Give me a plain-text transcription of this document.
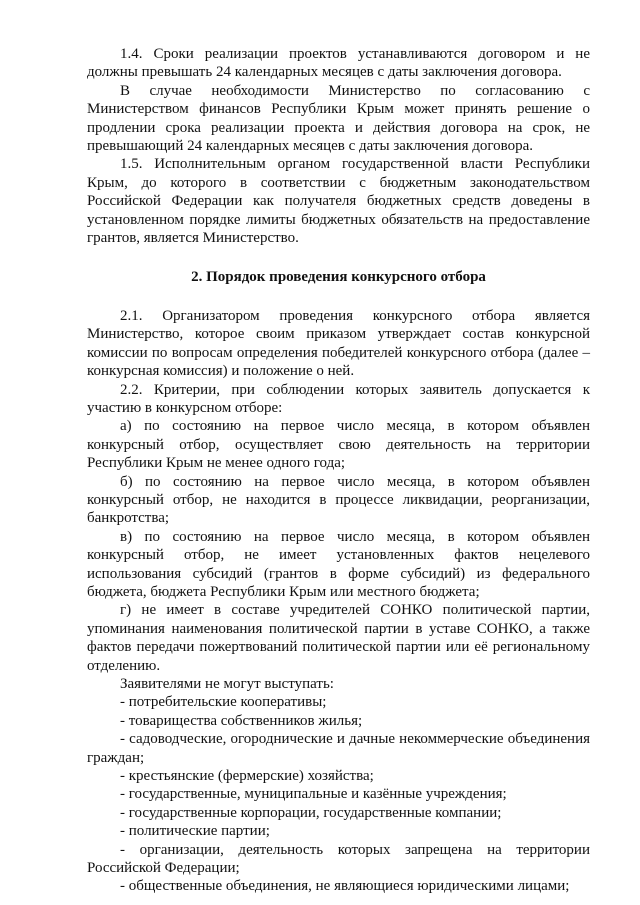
1.4. Сроки реализации проектов устанавливаются договором и не должны превышать 24 календарных месяцев с даты заключения договора.

В случае необходимости Министерство по согласованию с Министерством финансов Республики Крым может принять решение о продлении срока реализации проекта и действия договора на срок, не превышающий 24 календарных месяцев с даты заключения договора.

1.5. Исполнительным органом государственной власти Республики Крым, до которого в соответствии с бюджетным законодательством Российской Федерации как получателя бюджетных средств доведены в установленном порядке лимиты бюджетных обязательств на предоставление грантов, является Министерство.

2. Порядок проведения конкурсного отбора

2.1. Организатором проведения конкурсного отбора является Министерство, которое своим приказом утверждает состав конкурсной комиссии по вопросам определения победителей конкурсного отбора (далее – конкурсная комиссия) и положение о ней.

2.2. Критерии, при соблюдении которых заявитель допускается к участию в конкурсном отборе:

а) по состоянию на первое число месяца, в котором объявлен конкурсный отбор, осуществляет свою деятельность на территории Республики Крым не менее одного года;

б) по состоянию на первое число месяца, в котором объявлен конкурсный отбор, не находится в процессе ликвидации, реорганизации, банкротства;

в) по состоянию на первое число месяца, в котором объявлен конкурсный отбор, не имеет установленных фактов нецелевого использования субсидий (грантов в форме субсидий) из федерального бюджета, бюджета Республики Крым или местного бюджета;

г) не имеет в составе учредителей СОНКО политической партии, упоминания наименования политической партии в уставе СОНКО, а также фактов передачи пожертвований политической партии или её региональному отделению.

Заявителями не могут выступать:

- потребительские кооперативы;

- товарищества собственников жилья;

- садоводческие, огороднические и дачные некоммерческие объединения граждан;

- крестьянские (фермерские) хозяйства;

- государственные, муниципальные и казённые учреждения;

- государственные корпорации, государственные компании;

- политические партии;

- организации, деятельность которых запрещена на территории Российской Федерации;

- общественные объединения, не являющиеся юридическими лицами;
